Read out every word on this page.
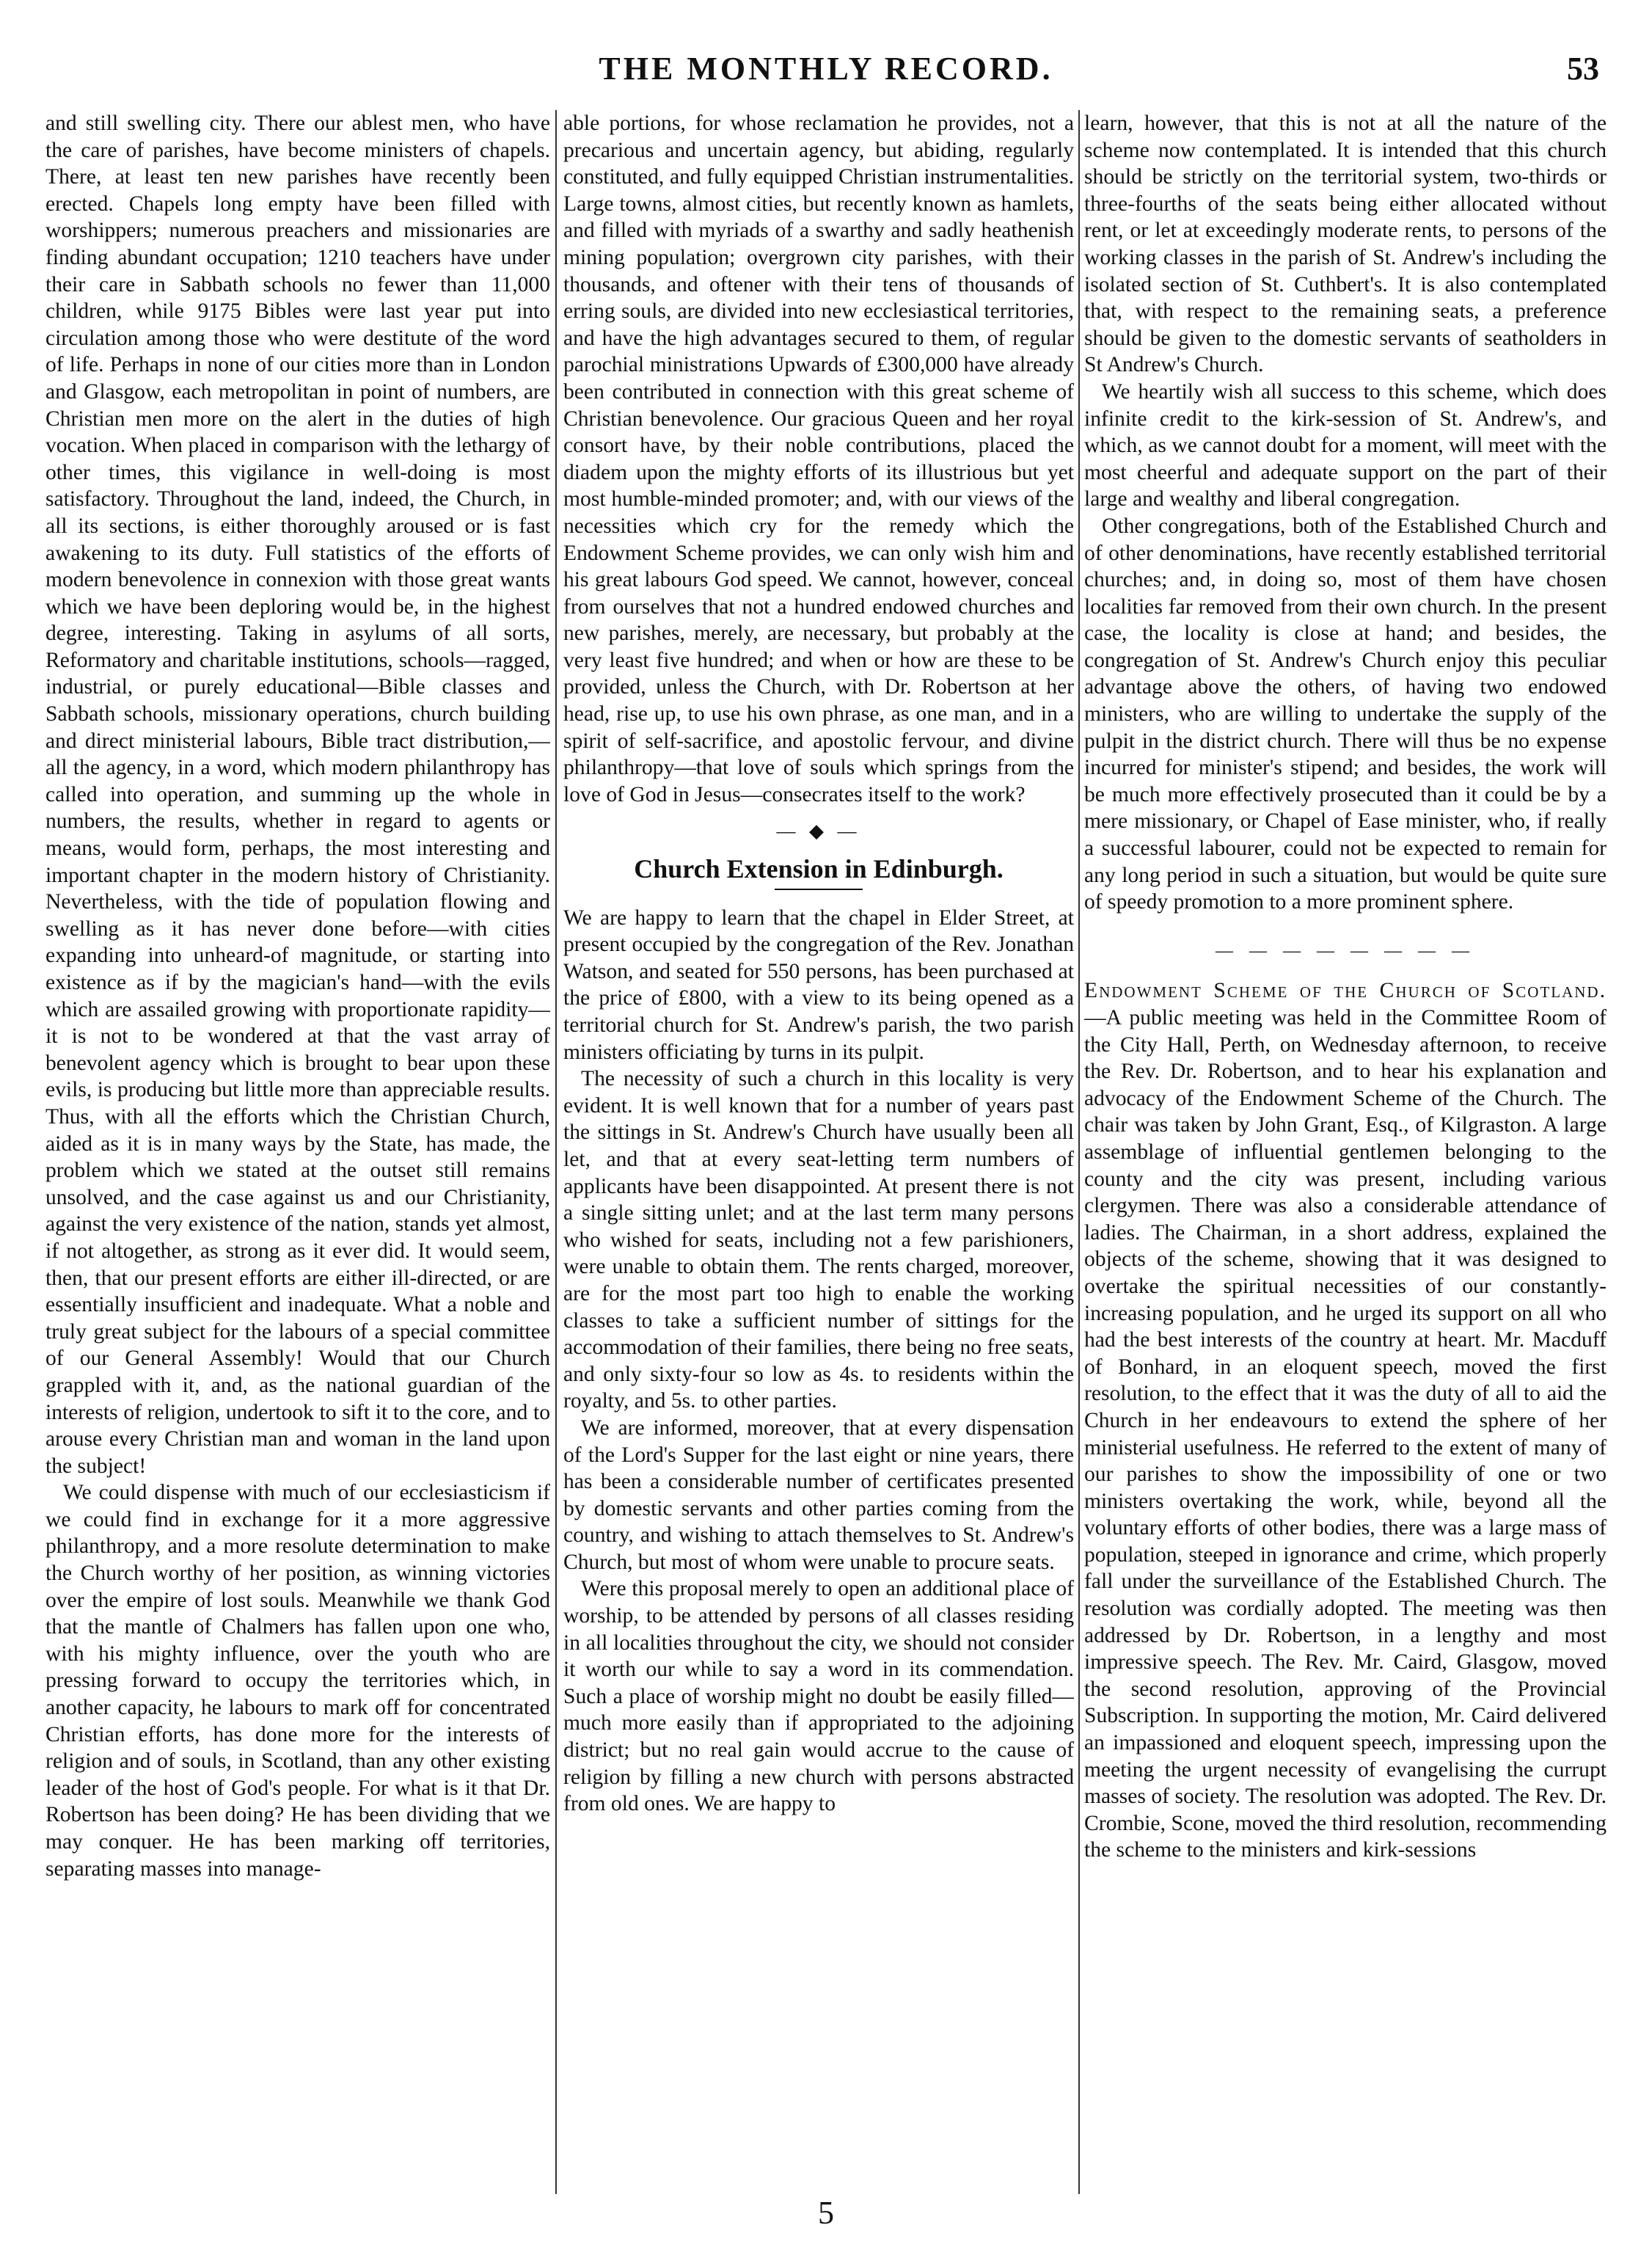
THE MONTHLY RECORD.	53

and still swelling city. There our ablest men, who have the care of parishes, have become ministers of chapels. There, at least ten new parishes have recently been erected. Chapels long empty have been filled with worshippers; numerous preachers and missionaries are finding abundant occupation; 1210 teachers have under their care in Sabbath schools no fewer than 11,000 children, while 9175 Bibles were last year put into circulation among those who were destitute of the word of life. Perhaps in none of our cities more than in London and Glasgow, each metropolitan in point of numbers, are Christian men more on the alert in the duties of high vocation. When placed in comparison with the lethargy of other times, this vigilance in well-doing is most satisfactory. Throughout the land, indeed, the Church, in all its sections, is either thoroughly aroused or is fast awakening to its duty. Full statistics of the efforts of modern benevolence in connexion with those great wants which we have been deploring would be, in the highest degree, interesting. Taking in asylums of all sorts, Reformatory and charitable institutions, schools—ragged, industrial, or purely educational—Bible classes and Sabbath schools, missionary operations, church building and direct ministerial labours, Bible tract distribution,—all the agency, in a word, which modern philanthropy has called into operation, and summing up the whole in numbers, the results, whether in regard to agents or means, would form, perhaps, the most interesting and important chapter in the modern history of Christianity. Nevertheless, with the tide of population flowing and swelling as it has never done before—with cities expanding into unheard-of magnitude, or starting into existence as if by the magician's hand—with the evils which are assailed growing with proportionate rapidity—it is not to be wondered at that the vast array of benevolent agency which is brought to bear upon these evils, is producing but little more than appreciable results. Thus, with all the efforts which the Christian Church, aided as it is in many ways by the State, has made, the problem which we stated at the outset still remains unsolved, and the case against us and our Christianity, against the very existence of the nation, stands yet almost, if not altogether, as strong as it ever did. It would seem, then, that our present efforts are either ill-directed, or are essentially insufficient and inadequate. What a noble and truly great subject for the labours of a special committee of our General Assembly! Would that our Church grappled with it, and, as the national guardian of the interests of religion, undertook to sift it to the core, and to arouse every Christian man and woman in the land upon the subject!

We could dispense with much of our ecclesiasticism if we could find in exchange for it a more aggressive philanthropy, and a more resolute determination to make the Church worthy of her position, as winning victories over the empire of lost souls. Meanwhile we thank God that the mantle of Chalmers has fallen upon one who, with his mighty influence, over the youth who are pressing forward to occupy the territories which, in another capacity, he labours to mark off for concentrated Christian efforts, has done more for the interests of religion and of souls, in Scotland, than any other existing leader of the host of God's people. For what is it that Dr. Robertson has been doing? He has been dividing that we may conquer. He has been marking off territories, separating masses into manage-

able portions, for whose reclamation he provides, not a precarious and uncertain agency, but abiding, regularly constituted, and fully equipped Christian instrumentalities. Large towns, almost cities, but recently known as hamlets, and filled with myriads of a swarthy and sadly heathenish mining population; overgrown city parishes, with their thousands, and oftener with their tens of thousands of erring souls, are divided into new ecclesiastical territories, and have the high advantages secured to them, of regular parochial ministrations Upwards of £300,000 have already been contributed in connection with this great scheme of Christian benevolence. Our gracious Queen and her royal consort have, by their noble contributions, placed the diadem upon the mighty efforts of its illustrious but yet most humble-minded promoter; and, with our views of the necessities which cry for the remedy which the Endowment Scheme provides, we can only wish him and his great labours God speed. We cannot, however, conceal from ourselves that not a hundred endowed churches and new parishes, merely, are necessary, but probably at the very least five hundred; and when or how are these to be provided, unless the Church, with Dr. Robertson at her head, rise up, to use his own phrase, as one man, and in a spirit of self-sacrifice, and apostolic fervour, and divine philanthropy—that love of souls which springs from the love of God in Jesus—consecrates itself to the work?

— ◆ —
Church Extension in Edinburgh.

We are happy to learn that the chapel in Elder Street, at present occupied by the congregation of the Rev. Jonathan Watson, and seated for 550 persons, has been purchased at the price of £800, with a view to its being opened as a territorial church for St. Andrew's parish, the two parish ministers officiating by turns in its pulpit.

The necessity of such a church in this locality is very evident. It is well known that for a number of years past the sittings in St. Andrew's Church have usually been all let, and that at every seat-letting term numbers of applicants have been disappointed. At present there is not a single sitting unlet; and at the last term many persons who wished for seats, including not a few parishioners, were unable to obtain them. The rents charged, moreover, are for the most part too high to enable the working classes to take a sufficient number of sittings for the accommodation of their families, there being no free seats, and only sixty-four so low as 4s. to residents within the royalty, and 5s. to other parties.

We are informed, moreover, that at every dispensation of the Lord's Supper for the last eight or nine years, there has been a considerable number of certificates presented by domestic servants and other parties coming from the country, and wishing to attach themselves to St. Andrew's Church, but most of whom were unable to procure seats.

Were this proposal merely to open an additional place of worship, to be attended by persons of all classes residing in all localities throughout the city, we should not consider it worth our while to say a word in its commendation. Such a place of worship might no doubt be easily filled—much more easily than if appropriated to the adjoining district; but no real gain would accrue to the cause of religion by filling a new church with persons abstracted from old ones. We are happy to

learn, however, that this is not at all the nature of the scheme now contemplated. It is intended that this church should be strictly on the territorial system, two-thirds or three-fourths of the seats being either allocated without rent, or let at exceedingly moderate rents, to persons of the working classes in the parish of St. Andrew's including the isolated section of St. Cuthbert's. It is also contemplated that, with respect to the remaining seats, a preference should be given to the domestic servants of seatholders in St Andrew's Church.

We heartily wish all success to this scheme, which does infinite credit to the kirk-session of St. Andrew's, and which, as we cannot doubt for a moment, will meet with the most cheerful and adequate support on the part of their large and wealthy and liberal congregation.

Other congregations, both of the Established Church and of other denominations, have recently established territorial churches; and, in doing so, most of them have chosen localities far removed from their own church. In the present case, the locality is close at hand; and besides, the congregation of St. Andrew's Church enjoy this peculiar advantage above the others, of having two endowed ministers, who are willing to undertake the supply of the pulpit in the district church. There will thus be no expense incurred for minister's stipend; and besides, the work will be much more effectively prosecuted than it could be by a mere missionary, or Chapel of Ease minister, who, if really a successful labourer, could not be expected to remain for any long period in such a situation, but would be quite sure of speedy promotion to a more prominent sphere.

— — — — — — — —

Endowment Scheme of the Church of Scotland. —A public meeting was held in the Committee Room of the City Hall, Perth, on Wednesday afternoon, to receive the Rev. Dr. Robertson, and to hear his explanation and advocacy of the Endowment Scheme of the Church. The chair was taken by John Grant, Esq., of Kilgraston. A large assemblage of influential gentlemen belonging to the county and the city was present, including various clergymen. There was also a considerable attendance of ladies. The Chairman, in a short address, explained the objects of the scheme, showing that it was designed to overtake the spiritual necessities of our constantly-increasing population, and he urged its support on all who had the best interests of the country at heart. Mr. Macduff of Bonhard, in an eloquent speech, moved the first resolution, to the effect that it was the duty of all to aid the Church in her endeavours to extend the sphere of her ministerial usefulness. He referred to the extent of many of our parishes to show the impossibility of one or two ministers overtaking the work, while, beyond all the voluntary efforts of other bodies, there was a large mass of population, steeped in ignorance and crime, which properly fall under the surveillance of the Established Church. The resolution was cordially adopted. The meeting was then addressed by Dr. Robertson, in a lengthy and most impressive speech. The Rev. Mr. Caird, Glasgow, moved the second resolution, approving of the Provincial Subscription. In supporting the motion, Mr. Caird delivered an impassioned and eloquent speech, impressing upon the meeting the urgent necessity of evangelising the currupt masses of society. The resolution was adopted. The Rev. Dr. Crombie, Scone, moved the third resolution, recommending the scheme to the ministers and kirk-sessions

5
